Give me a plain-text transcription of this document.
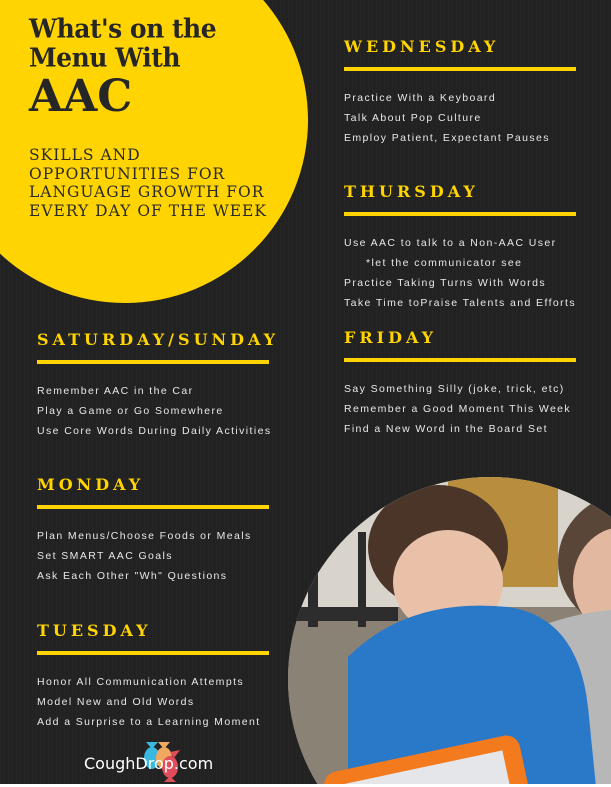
What's on the
Menu With
AAC
SKILLS AND OPPORTUNITIES FOR LANGUAGE GROWTH FOR EVERY DAY OF THE WEEK
WEDNESDAY
Practice With a Keyboard
Talk About Pop Culture
Employ Patient, Expectant Pauses
THURSDAY
Use AAC to talk to a Non-AAC User
*let the communicator see
Practice Taking Turns With Words
Take Time toPraise Talents and Efforts
FRIDAY
Say Something Silly (joke, trick, etc)
Remember a Good Moment This Week
Find a New Word in the Board Set
SATURDAY/SUNDAY
Remember AAC in the Car
Play a Game or Go Somewhere
Use Core Words During Daily Activities
MONDAY
Plan Menus/Choose Foods or Meals
Set SMART AAC Goals
Ask Each Other "Wh" Questions
TUESDAY
Honor All Communication Attempts
Model New and Old Words
Add a Surprise to a Learning Moment
CoughDrop.com
